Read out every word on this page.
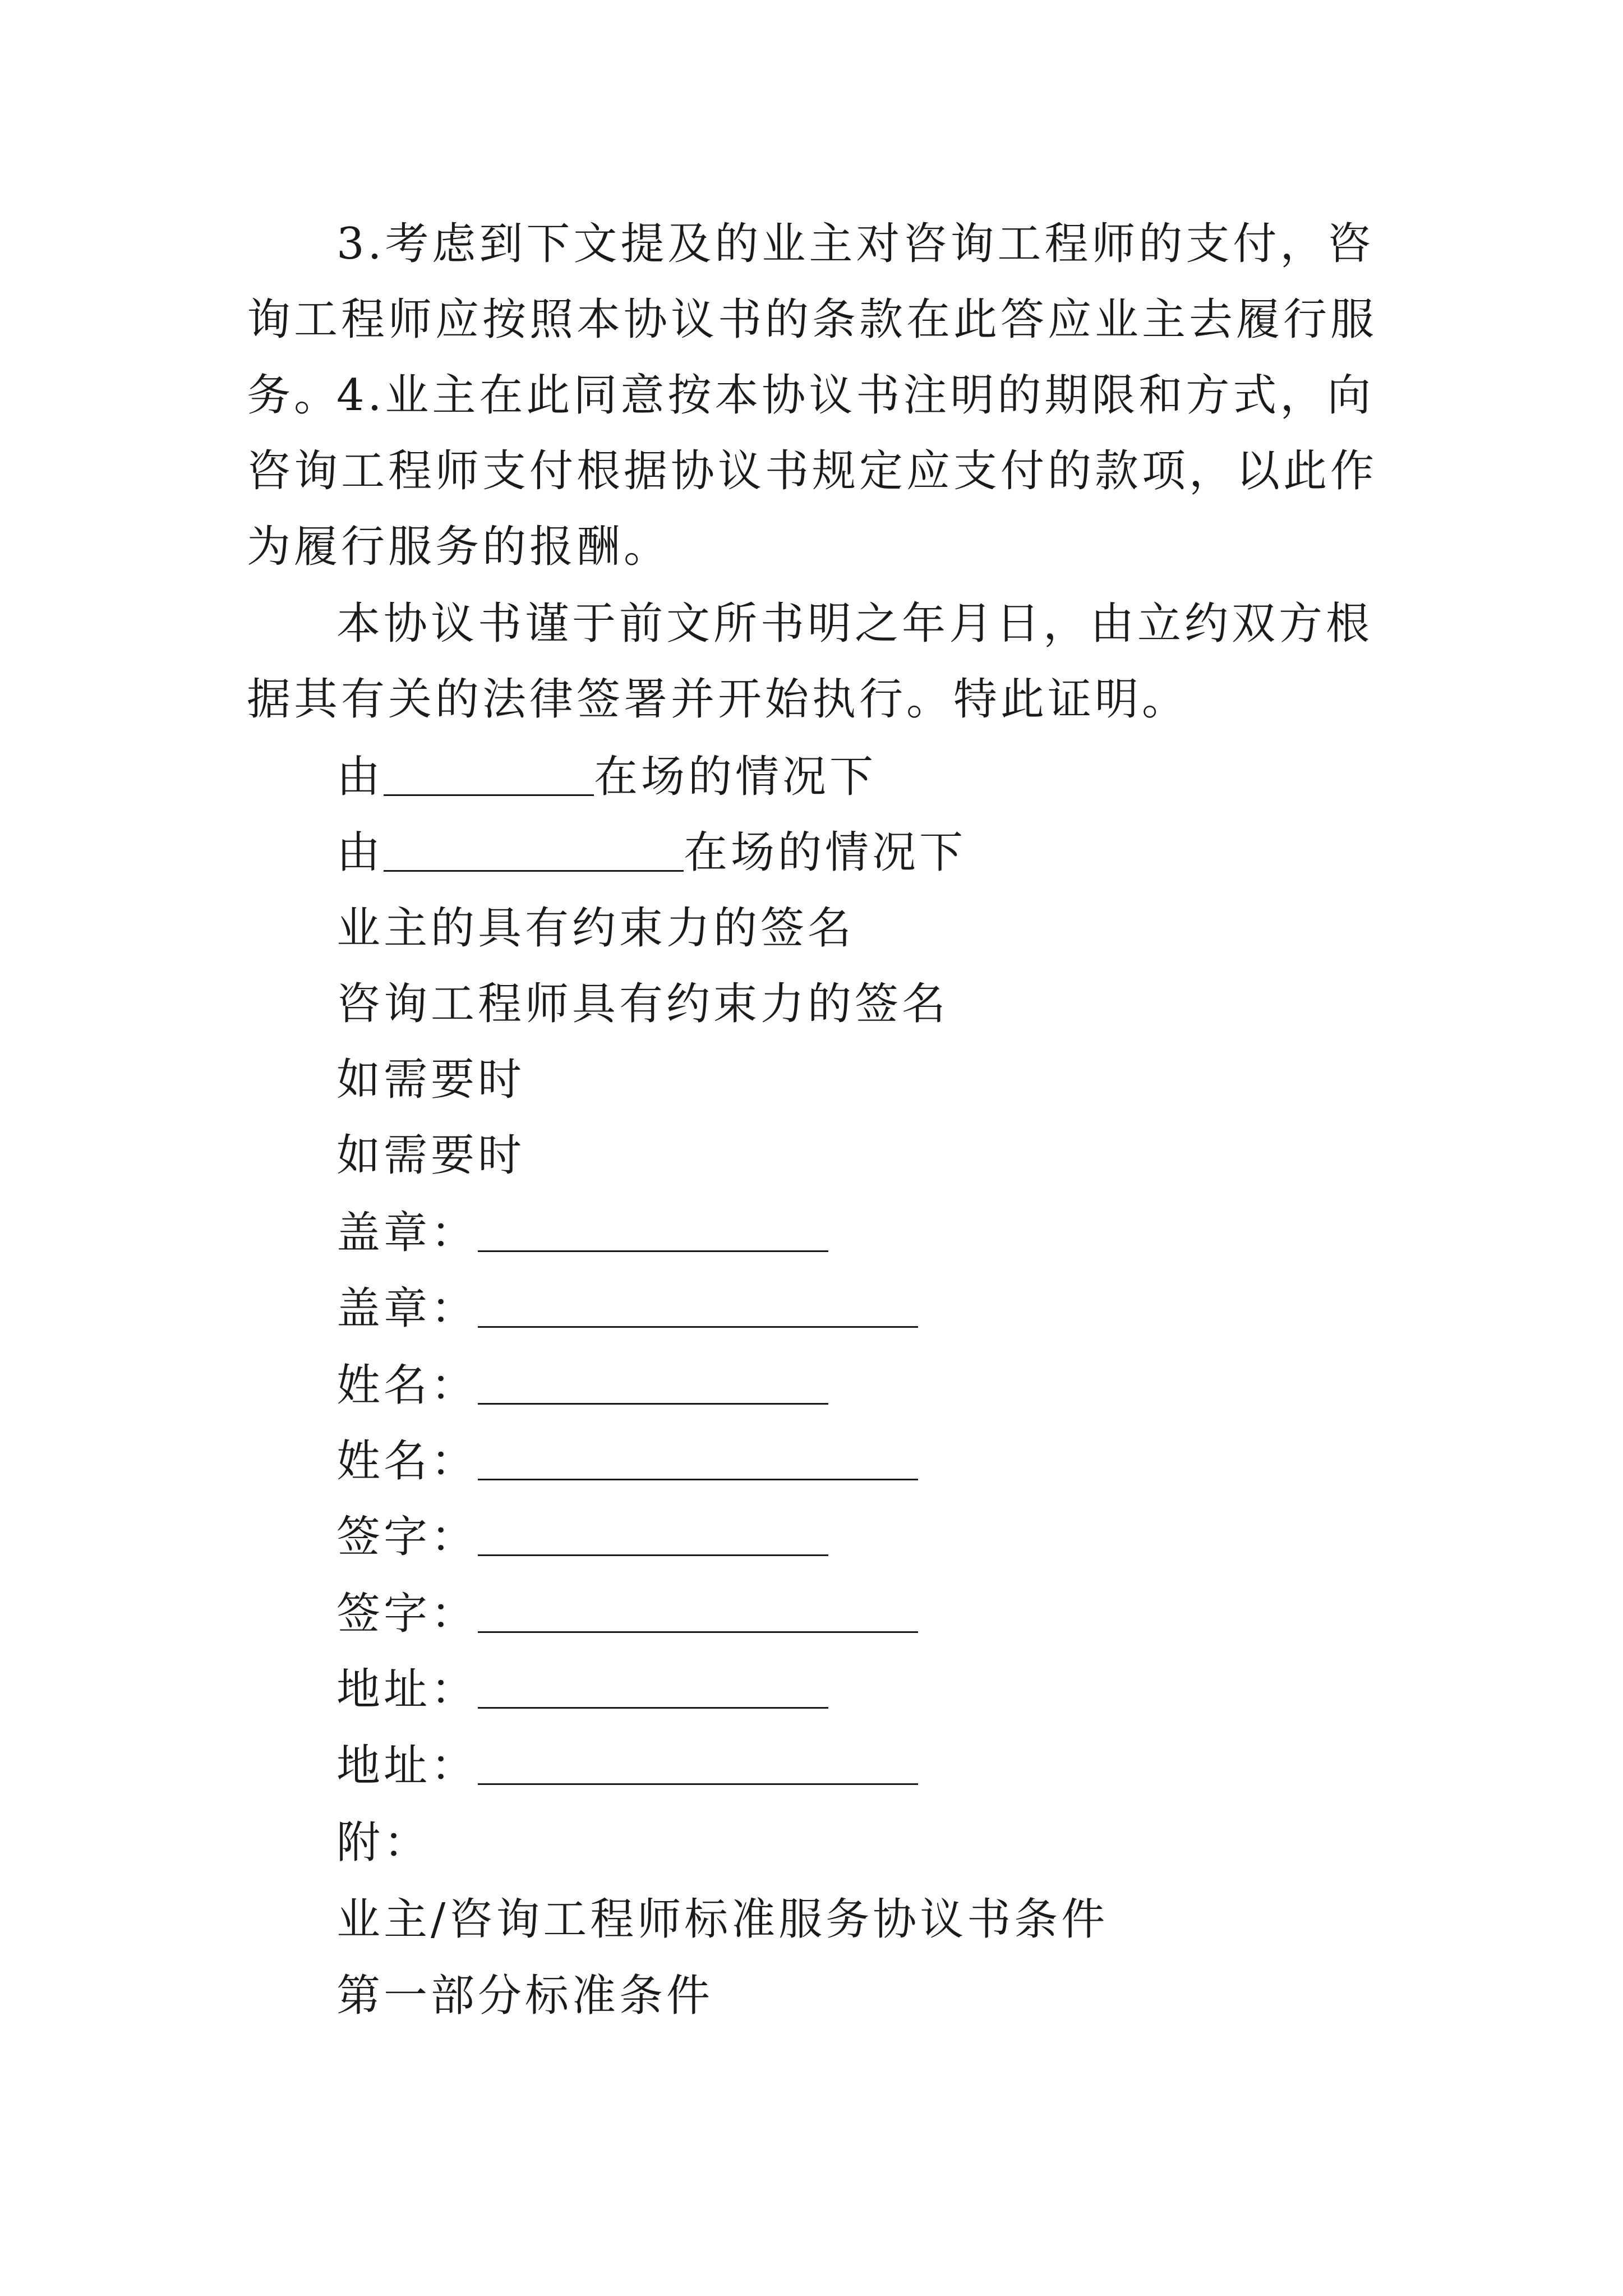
3.考虑到下文提及的业主对咨询工程师的支付，咨询工程师应按照本协议书的条款在此答应业主去履行服务。

4.业主在此同意按本协议书注明的期限和方式，向咨询工程师支付根据协议书规定应支付的款项，以此作为履行服务的报酬。

本协议书谨于前文所书明之年月日，由立约双方根据其有关的法律签署并开始执行。特此证明。

由	在场的情况下
由	在场的情况下
业主的具有约束力的签名
咨询工程师具有约束力的签名
如需要时
如需要时
盖章：
盖章：
姓名：
姓名：
签字：
签字：
地址：
地址：
附：
业主/咨询工程师标准服务协议书条件
第一部分标准条件
